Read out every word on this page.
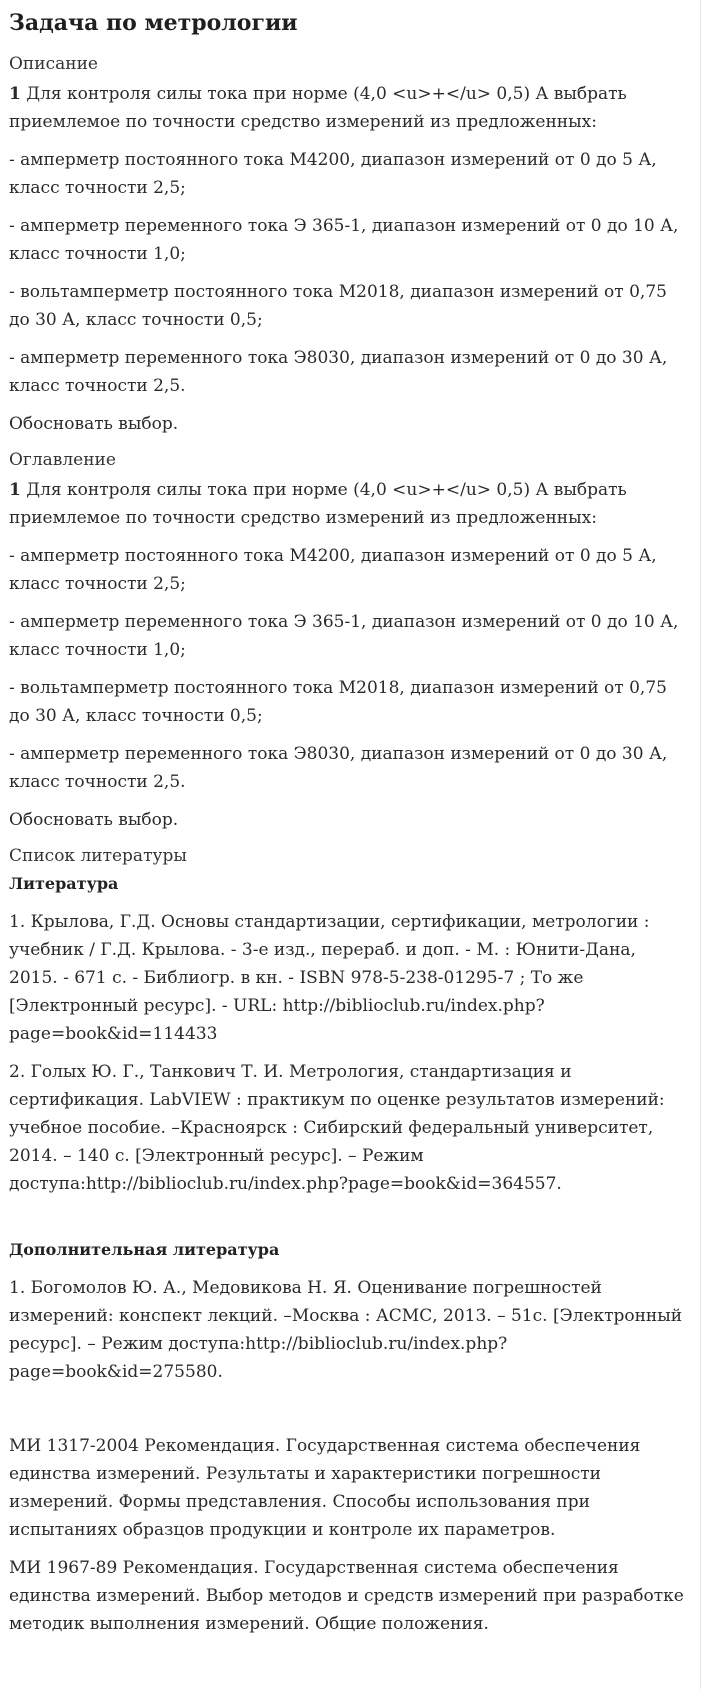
Задача по метрологии
Описание

1 Для контроля силы тока при норме (4,0 <u>+</u> 0,5) А выбрать приемлемое по точности средство измерений из предложенных:

- амперметр постоянного тока М4200, диапазон измерений от 0 до 5 А, класс точности 2,5;

- амперметр переменного тока Э 365-1, диапазон измерений от 0 до 10 А, класс точности 1,0;

- вольтамперметр постоянного тока М2018, диапазон измерений от 0,75 до 30 А, класс точности 0,5;

- амперметр переменного тока Э8030, диапазон измерений от 0 до 30 А, класс точности 2,5.

Обосновать выбор.

Оглавление

1 Для контроля силы тока при норме (4,0 <u>+</u> 0,5) А выбрать приемлемое по точности средство измерений из предложенных:

- амперметр постоянного тока М4200, диапазон измерений от 0 до 5 А, класс точности 2,5;

- амперметр переменного тока Э 365-1, диапазон измерений от 0 до 10 А, класс точности 1,0;

- вольтамперметр постоянного тока М2018, диапазон измерений от 0,75 до 30 А, класс точности 0,5;

- амперметр переменного тока Э8030, диапазон измерений от 0 до 30 А, класс точности 2,5.

Обосновать выбор.

Список литературы
Литература

1. Крылова, Г.Д. Основы стандартизации, сертификации, метрологии : учебник / Г.Д. Крылова. - 3-е изд., перераб. и доп. - М. : Юнити-Дана, 2015. - 671 с. - Библиогр. в кн. - ISBN 978-5-238-01295-7 ; То же [Электронный ресурс]. - URL: http://biblioclub.ru/index.php?page=book&id=114433

2. Голых Ю. Г., Танкович Т. И. Метрология, стандартизация и сертификация. LabVIEW : практикум по оценке результатов измерений: учебное пособие. –Красноярск : Сибирский федеральный университет, 2014. – 140 с. [Электронный ресурс]. – Режим доступа:http://biblioclub.ru/index.php?page=book&id=364557.

Дополнительная литература

1. Богомолов Ю. А., Медовикова Н. Я. Оценивание погрешностей измерений: конспект лекций. –Москва : АСМС, 2013. – 51с. [Электронный ресурс]. – Режим доступа:http://biblioclub.ru/index.php?page=book&id=275580.

МИ 1317-2004 Рекомендация. Государственная система обеспечения единства измерений. Результаты и характеристики погрешности измерений. Формы представления. Способы использования при испытаниях образцов продукции и контроле их параметров.

МИ 1967-89 Рекомендация. Государственная система обеспечения единства измерений. Выбор методов и средств измерений при разработке методик выполнения измерений. Общие положения.
